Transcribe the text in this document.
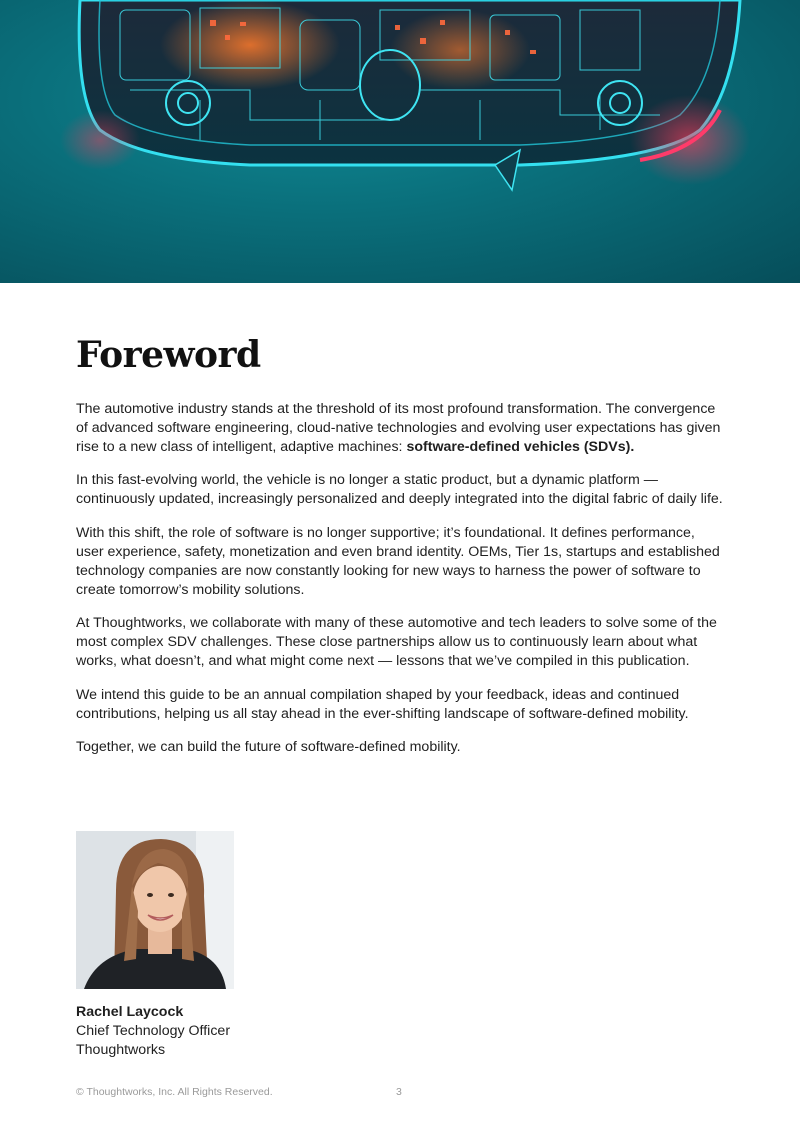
Foreword

The automotive industry stands at the threshold of its most profound transformation. The convergence of advanced software engineering, cloud-native technologies and evolving user expectations has given rise to a new class of intelligent, adaptive machines: software-defined vehicles (SDVs).

In this fast-evolving world, the vehicle is no longer a static product, but a dynamic platform — continuously updated, increasingly personalized and deeply integrated into the digital fabric of daily life.

With this shift, the role of software is no longer supportive; it’s foundational. It defines performance, user experience, safety, monetization and even brand identity. OEMs, Tier 1s, startups and established technology companies are now constantly looking for new ways to harness the power of software to create tomorrow’s mobility solutions.

At Thoughtworks, we collaborate with many of these automotive and tech leaders to solve some of the most complex SDV challenges. These close partnerships allow us to continuously learn about what works, what doesn’t, and what might come next — lessons that we’ve compiled in this publication.

We intend this guide to be an annual compilation shaped by your feedback, ideas and continued contributions, helping us all stay ahead in the ever-shifting landscape of software-defined mobility.

Together, we can build the future of software-defined mobility.

Rachel Laycock
Chief Technology Officer
Thoughtworks
© Thoughtworks, Inc. All Rights Reserved.	3
